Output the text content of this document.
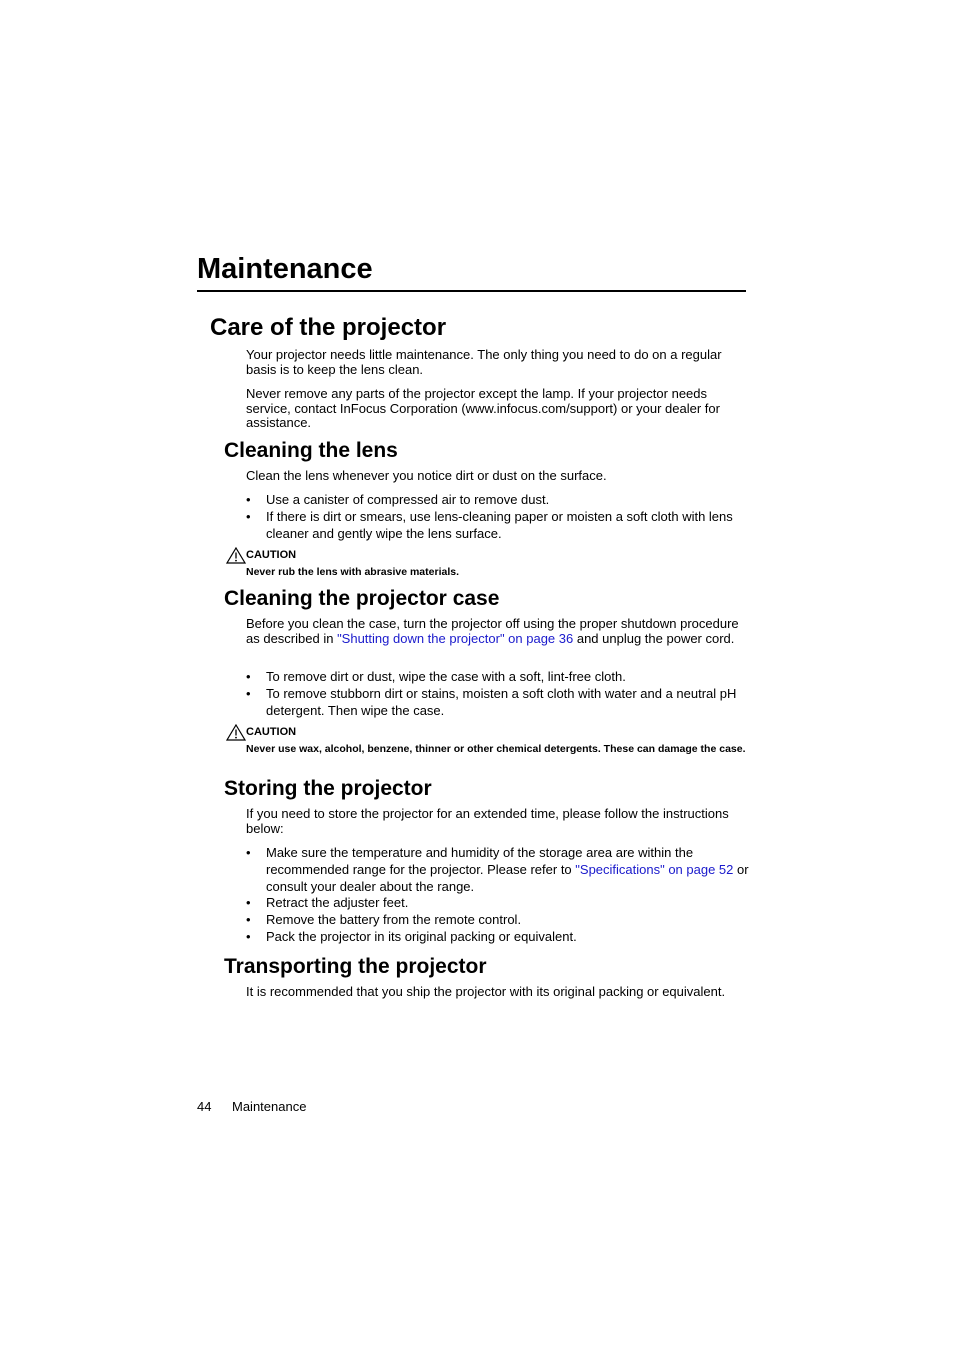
Maintenance
Care of the projector
Your projector needs little maintenance. The only thing you need to do on a regular basis is to keep the lens clean.
Never remove any parts of the projector except the lamp. If your projector needs service, contact InFocus Corporation (www.infocus.com/support) or your dealer for assistance.
Cleaning the lens
Clean the lens whenever you notice dirt or dust on the surface.
• Use a canister of compressed air to remove dust.
• If there is dirt or smears, use lens-cleaning paper or moisten a soft cloth with lens cleaner and gently wipe the lens surface.
CAUTION
Never rub the lens with abrasive materials.
Cleaning the projector case
Before you clean the case, turn the projector off using the proper shutdown procedure as described in "Shutting down the projector" on page 36 and unplug the power cord.
• To remove dirt or dust, wipe the case with a soft, lint-free cloth.
• To remove stubborn dirt or stains, moisten a soft cloth with water and a neutral pH detergent. Then wipe the case.
CAUTION
Never use wax, alcohol, benzene, thinner or other chemical detergents. These can damage the case.
Storing the projector
If you need to store the projector for an extended time, please follow the instructions below:
• Make sure the temperature and humidity of the storage area are within the recommended range for the projector. Please refer to "Specifications" on page 52 or consult your dealer about the range.
• Retract the adjuster feet.
• Remove the battery from the remote control.
• Pack the projector in its original packing or equivalent.
Transporting the projector
It is recommended that you ship the projector with its original packing or equivalent.
44 Maintenance
